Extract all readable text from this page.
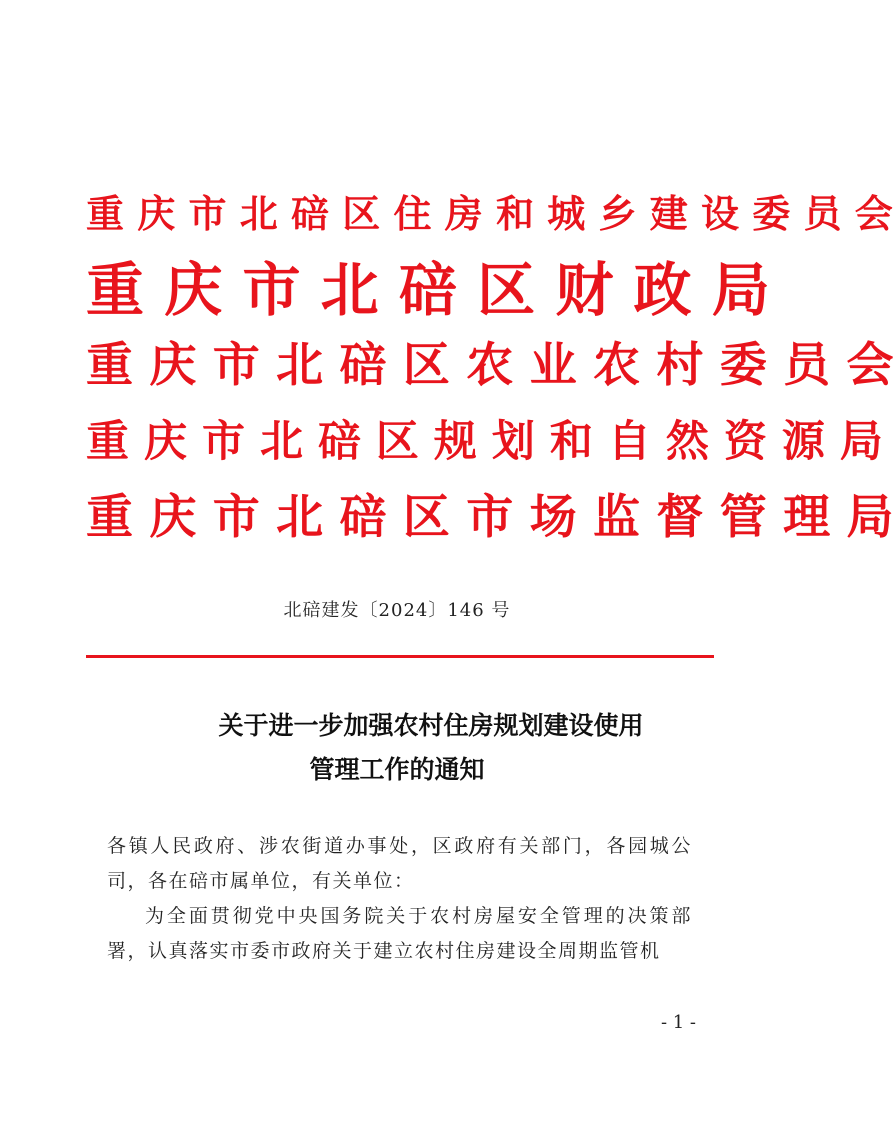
重 庆 市 北 碚 区 住 房 和 城 乡 建 设 委 员 会
重 庆 市 北 碚 区 财 政 局
重 庆 市 北 碚 区 农 业 农 村 委 员 会
重 庆 市 北 碚 区 规 划 和 自 然 资 源 局
重 庆 市 北 碚 区 市 场 监 督 管 理 局
北碚建发〔2024〕146 号
关于进一步加强农村住房规划建设使用
管理工作的通知
各镇人民政府、涉农街道办事处，区政府有关部门，各园城公司，各在碚市属单位，有关单位：
为全面贯彻党中央国务院关于农村房屋安全管理的决策部署，认真落实市委市政府关于建立农村住房建设全周期监管机
- 1 -
